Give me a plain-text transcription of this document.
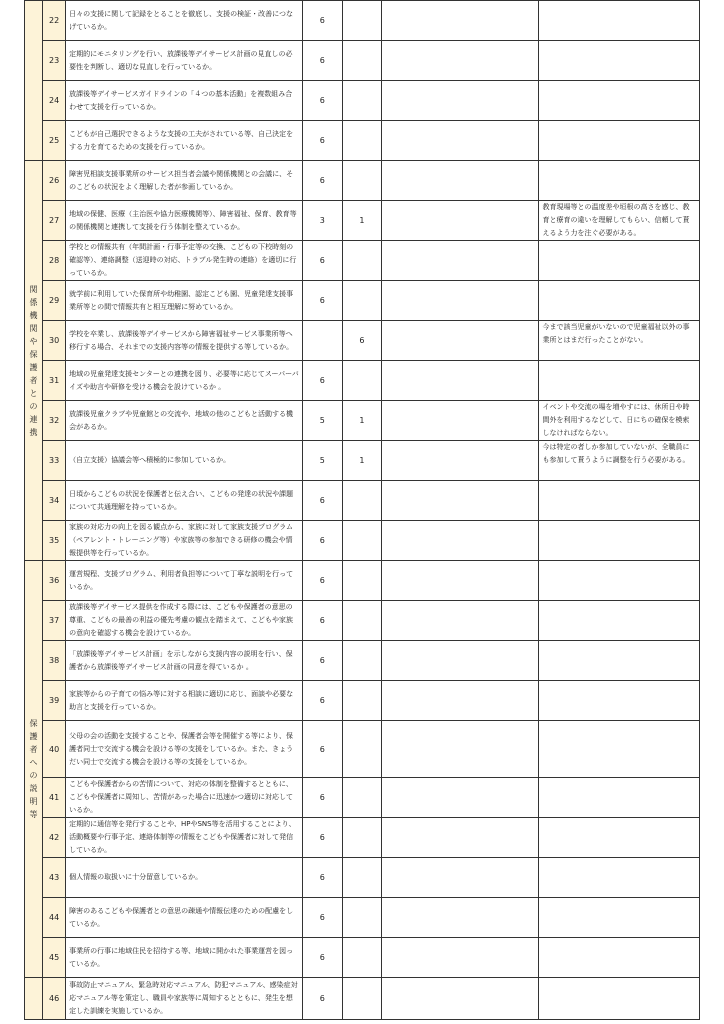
	22	日々の支援に関して記録をとることを徹底し、支援の検証・改善につなげているか。	6			
	23	定期的にモニタリングを行い、放課後等デイサービス計画の見直しの必要性を判断し、適切な見直しを行っているか。	6			
	24	放課後等デイサービスガイドラインの「４つの基本活動」を複数組み合わせて支援を行っているか。	6			
	25	こどもが自己選択できるような支援の工夫がされている等、自己決定をする力を育てるための支援を行っているか。	6			

関係機関や保護者との連携	26	障害児相談支援事業所のサービス担当者会議や関係機関との会議に、そのこどもの状況をよく理解した者が参画しているか。	6			
	27	地域の保健、医療（主治医や協力医療機関等）、障害福祉、保育、教育等の関係機関と連携して支援を行う体制を整えているか。	3	1		教育現場等との温度差や垣根の高さを感じ、教育と療育の違いを理解してもらい、信頼して貰えるよう力を注ぐ必要がある。
	28	学校との情報共有（年間計画・行事予定等の交換、こどもの下校時刻の確認等）、連絡調整（送迎時の対応、トラブル発生時の連絡）を適切に行っているか。	6			
	29	就学前に利用していた保育所や幼稚園、認定こども園、児童発達支援事業所等との間で情報共有と相互理解に努めているか。	6			
	30	学校を卒業し、放課後等デイサービスから障害福祉サービス事業所等へ移行する場合、それまでの支援内容等の情報を提供する等しているか。		6		今まで該当児童がいないので児童福祉以外の事業所とはまだ行ったことがない。
	31	地域の児童発達支援センターとの連携を図り、必要等に応じてスーパーバイズや助言や研修を受ける機会を設けているか 。	6			
	32	放課後児童クラブや児童館との交流や、地域の他のこどもと活動する機会があるか。	5	1		イベントや交流の場を増やすには、休所日や時間外を利用するなどして、日にちの確保を模索しなければならない。
	33	（自立支援）協議会等へ積極的に参加しているか。	5	1		今は特定の者しか参加していないが、全職員にも参加して貰うように調整を行う必要がある。
	34	日頃からこどもの状況を保護者と伝え合い、こどもの発達の状況や課題について共通理解を持っているか。	6			
	35	家族の対応力の向上を図る観点から、家族に対して家族支援プログラム（ペアレント・トレーニング等）や家族等の参加できる研修の機会や情報提供等を行っているか。	6			

保護者への説明等	36	運営規程、支援プログラム、利用者負担等について丁寧な説明を行っているか。	6			
	37	放課後等デイサービス提供を作成する際には、こどもや保護者の意思の尊重、こどもの最善の利益の優先考慮の観点を踏まえて、こどもや家族の意向を確認する機会を設けているか。	6			
	38	「放課後等デイサービス計画」を示しながら支援内容の説明を行い、保護者から放課後等デイサービス計画の同意を得ているか 。	6			
	39	家族等からの子育ての悩み等に対する相談に適切に応じ、面談や必要な助言と支援を行っているか。	6			
	40	父母の会の活動を支援することや、保護者会等を開催する等により、保護者同士で交流する機会を設ける等の支援をしているか。また、きょうだい同士で交流する機会を設ける等の支援をしているか。	6			
	41	こどもや保護者からの苦情について、対応の体制を整備するとともに、こどもや保護者に周知し、苦情があった場合に迅速かつ適切に対応しているか。	6			
	42	定期的に通信等を発行することや、HPやSNS等を活用することにより、活動概要や行事予定、連絡体制等の情報をこどもや保護者に対して発信しているか。	6			
	43	個人情報の取扱いに十分留意しているか。	6			
	44	障害のあるこどもや保護者との意思の疎通や情報伝達のための配慮をしているか。	6			
	45	事業所の行事に地域住民を招待する等、地域に開かれた事業運営を図っているか。	6			
	46	事故防止マニュアル、緊急時対応マニュアル、防犯マニュアル、感染症対応マニュアル等を策定し、職員や家族等に周知するとともに、発生を想定した訓練を実施しているか。	6			
